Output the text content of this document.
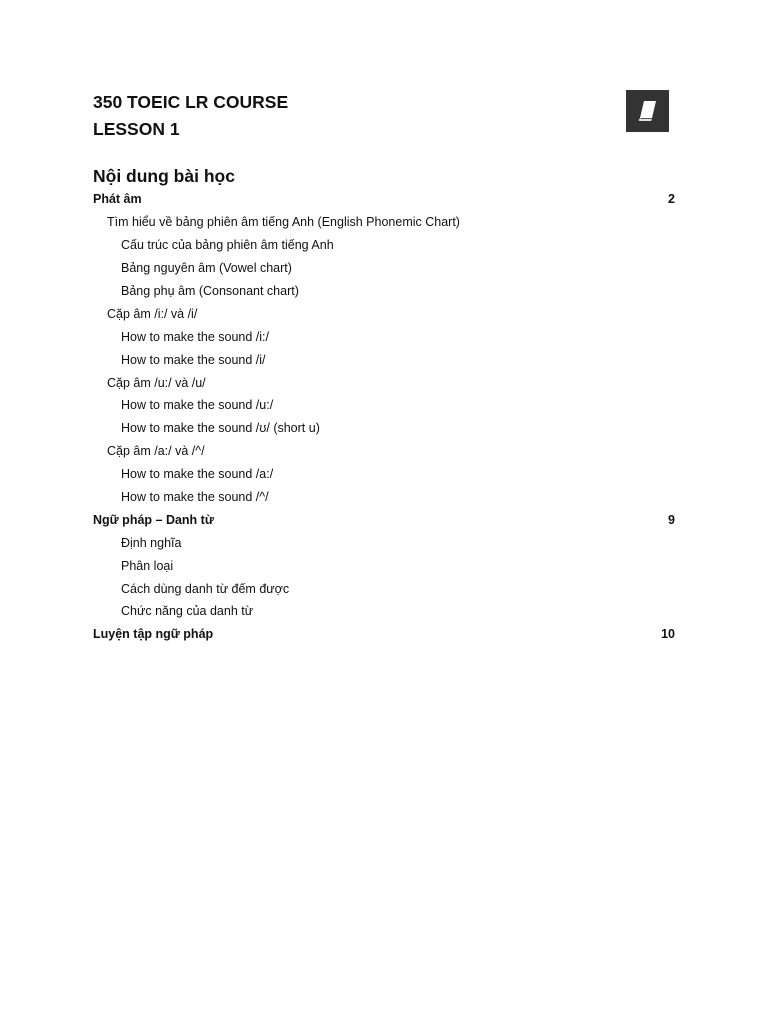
350 TOEIC LR COURSE
LESSON 1
Nội dung bài học
Phát âm	2
Tìm hiểu về bảng phiên âm tiếng Anh (English Phonemic Chart)
Cấu trúc của bảng phiên âm tiếng Anh
Bảng nguyên âm (Vowel chart)
Bảng phụ âm (Consonant chart)
Cặp âm /i:/ và /i/
How to make the sound /i:/
How to make the sound /i/
Cặp âm /u:/ và /u/
How to make the sound /u:/
How to make the sound /ʊ/ (short u)
Cặp âm /a:/ và /^/
How to make the sound /a:/
How to make the sound /^/
Ngữ pháp – Danh từ	9
Định nghĩa
Phân loại
Cách dùng danh từ đếm được
Chức năng của danh từ
Luyện tập ngữ pháp	10
